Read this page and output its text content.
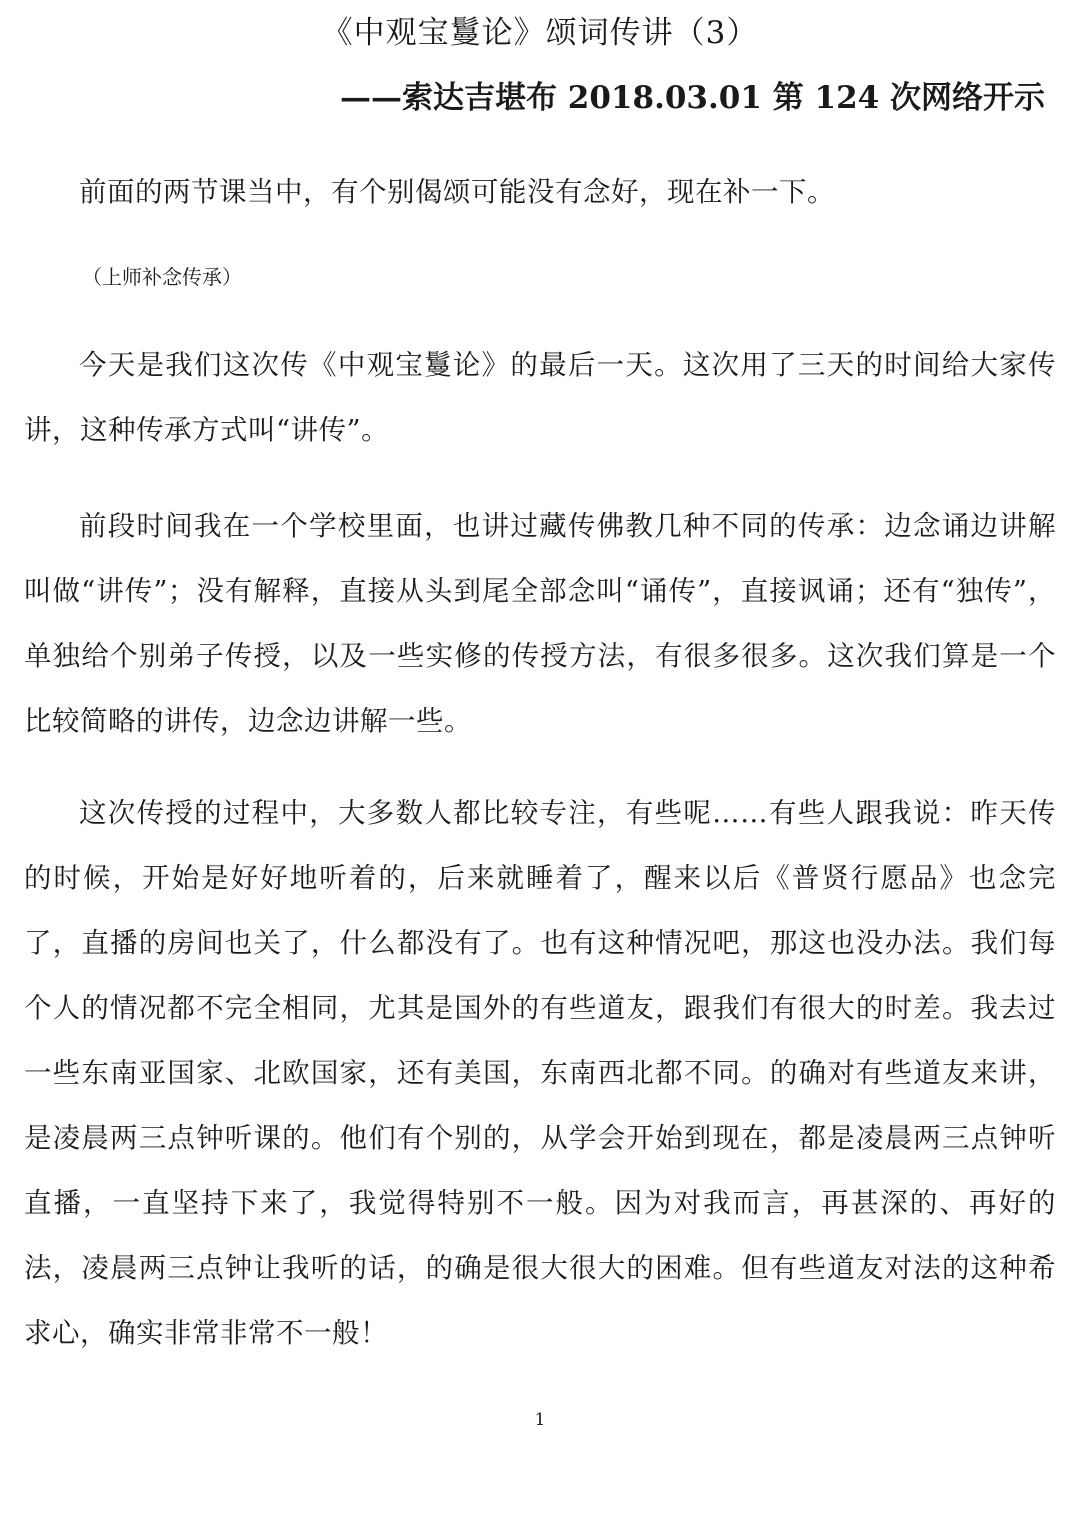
《中观宝鬘论》颂词传讲（3）
——索达吉堪布 2018.03.01 第 124 次网络开示

前面的两节课当中，有个别偈颂可能没有念好，现在补一下。

（上师补念传承）

今天是我们这次传《中观宝鬘论》的最后一天。这次用了三天的时间给大家传讲，这种传承方式叫“讲传”。

前段时间我在一个学校里面，也讲过藏传佛教几种不同的传承：边念诵边讲解叫做“讲传”；没有解释，直接从头到尾全部念叫“诵传”，直接讽诵；还有“独传”，单独给个别弟子传授，以及一些实修的传授方法，有很多很多。这次我们算是一个比较简略的讲传，边念边讲解一些。

这次传授的过程中，大多数人都比较专注，有些呢……有些人跟我说：昨天传的时候，开始是好好地听着的，后来就睡着了，醒来以后《普贤行愿品》也念完了，直播的房间也关了，什么都没有了。也有这种情况吧，那这也没办法。我们每个人的情况都不完全相同，尤其是国外的有些道友，跟我们有很大的时差。我去过一些东南亚国家、北欧国家，还有美国，东南西北都不同。的确对有些道友来讲，是凌晨两三点钟听课的。他们有个别的，从学会开始到现在，都是凌晨两三点钟听直播，一直坚持下来了，我觉得特别不一般。因为对我而言，再甚深的、再好的法，凌晨两三点钟让我听的话，的确是很大很大的困难。但有些道友对法的这种希求心，确实非常非常不一般！

1
